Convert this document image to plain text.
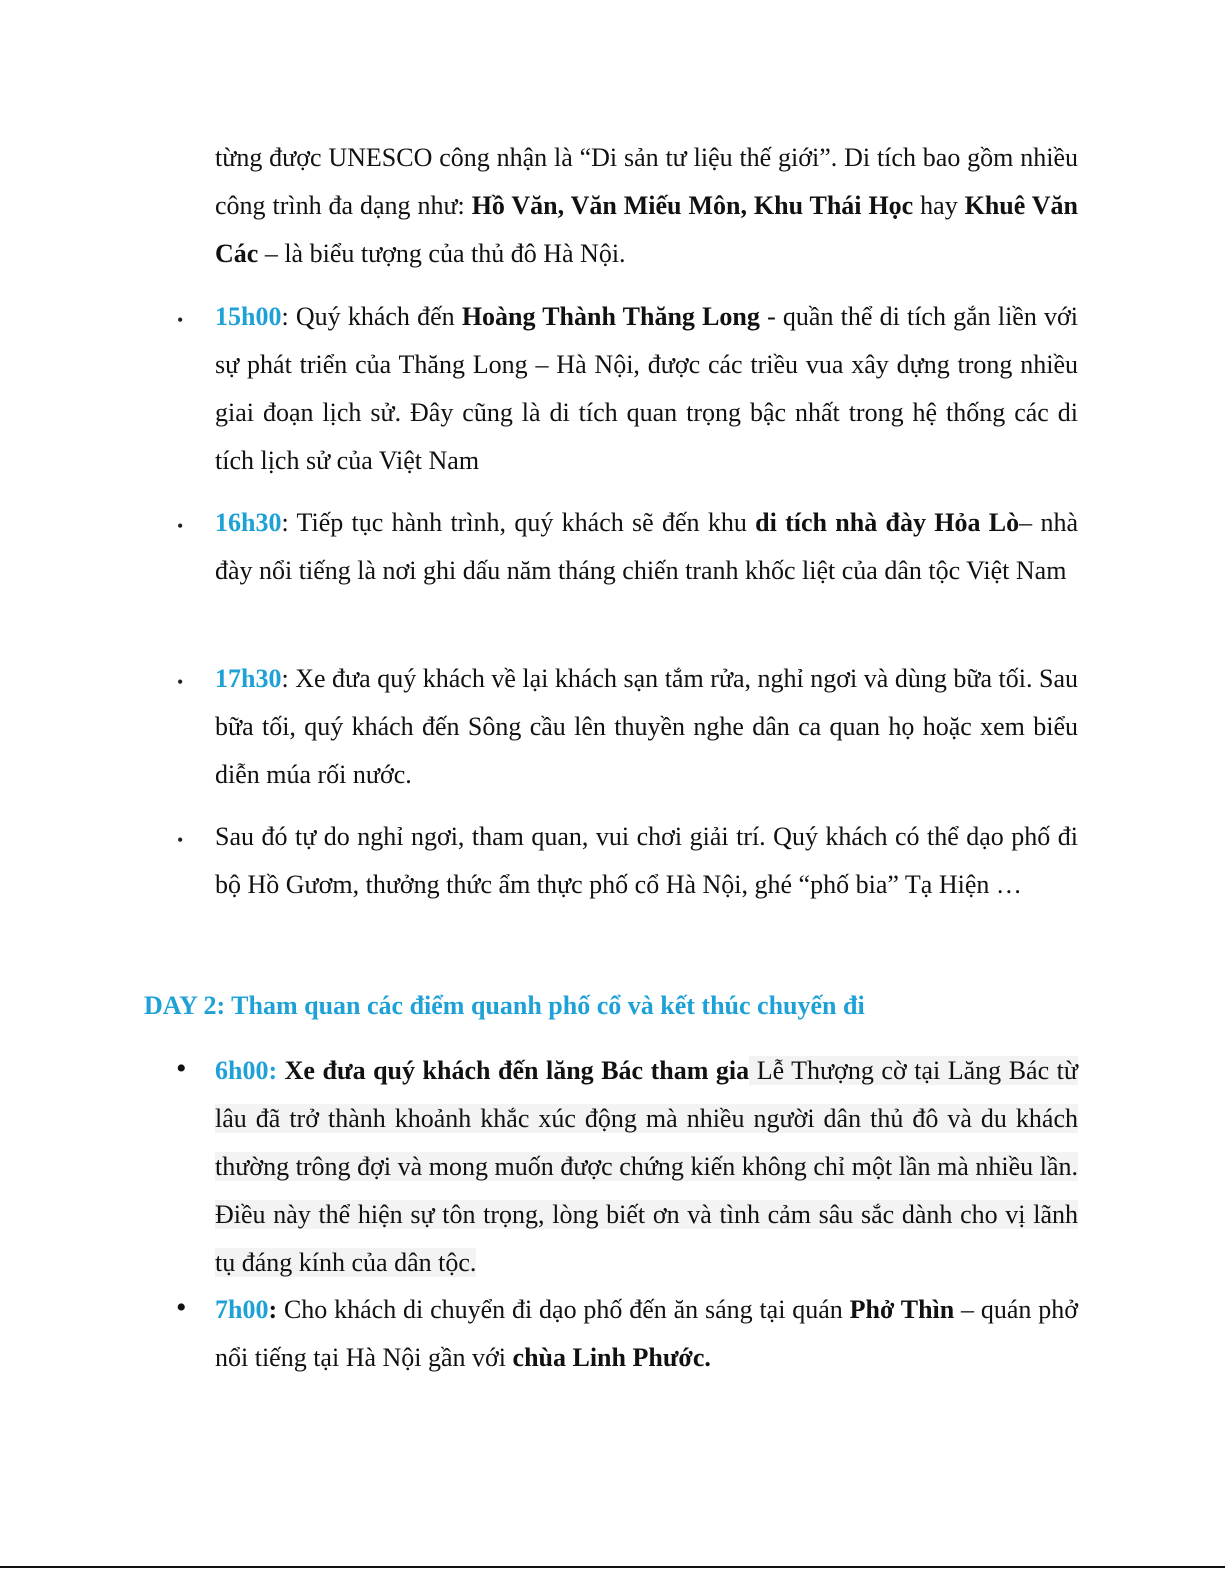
từng được UNESCO công nhận là “Di sản tư liệu thế giới”. Di tích bao gồm nhiều công trình đa dạng như: Hồ Văn, Văn Miếu Môn, Khu Thái Học hay Khuê Văn Các – là biểu tượng của thủ đô Hà Nội.

• 15h00: Quý khách đến Hoàng Thành Thăng Long - quần thể di tích gắn liền với sự phát triển của Thăng Long – Hà Nội, được các triều vua xây dựng trong nhiều giai đoạn lịch sử. Đây cũng là di tích quan trọng bậc nhất trong hệ thống các di tích lịch sử của Việt Nam

• 16h30: Tiếp tục hành trình, quý khách sẽ đến khu di tích nhà đày Hỏa Lò– nhà đày nổi tiếng là nơi ghi dấu năm tháng chiến tranh khốc liệt của dân tộc Việt Nam

• 17h30: Xe đưa quý khách về lại khách sạn tắm rửa, nghỉ ngơi và dùng bữa tối. Sau bữa tối, quý khách đến Sông cầu lên thuyền nghe dân ca quan họ hoặc xem biểu diễn múa rối nước.

• Sau đó tự do nghỉ ngơi, tham quan, vui chơi giải trí. Quý khách có thể dạo phố đi bộ Hồ Gươm, thưởng thức ẩm thực phố cổ Hà Nội, ghé “phố bia” Tạ Hiện …

DAY 2: Tham quan các điểm quanh phố cổ và kết thúc chuyến đi
• 6h00: Xe đưa quý khách đến lăng Bác tham gia Lễ Thượng cờ tại Lăng Bác từ lâu đã trở thành khoảnh khắc xúc động mà nhiều người dân thủ đô và du khách thường trông đợi và mong muốn được chứng kiến không chỉ một lần mà nhiều lần. Điều này thể hiện sự tôn trọng, lòng biết ơn và tình cảm sâu sắc dành cho vị lãnh tụ đáng kính của dân tộc.

• 7h00: Cho khách di chuyển đi dạo phố đến ăn sáng tại quán Phở Thìn – quán phở nổi tiếng tại Hà Nội gần với chùa Linh Phước.
